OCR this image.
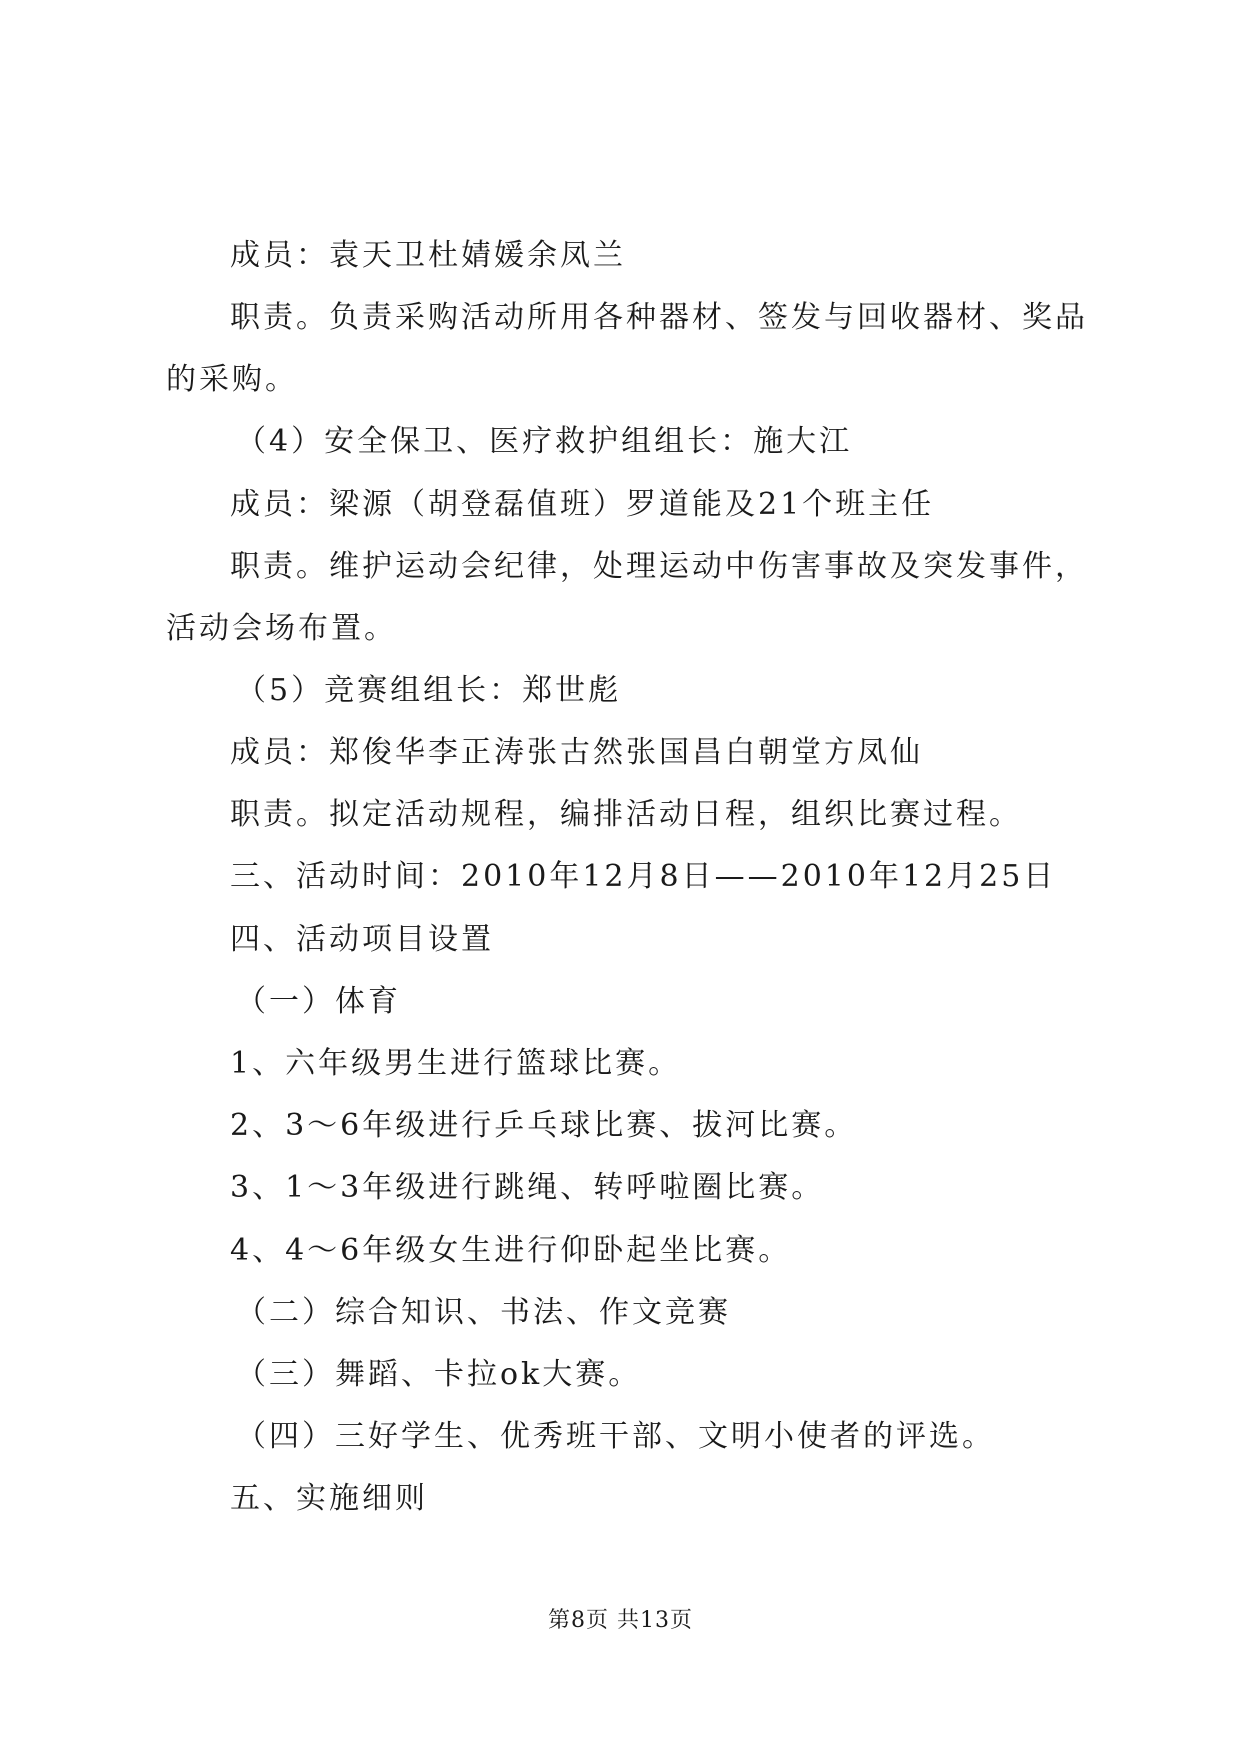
成员：袁天卫杜婧媛余凤兰
职责。负责采购活动所用各种器材、签发与回收器材、奖品
的采购。
（4）安全保卫、医疗救护组组长：施大江
成员：梁源（胡登磊值班）罗道能及21个班主任
职责。维护运动会纪律，处理运动中伤害事故及突发事件，
活动会场布置。
（5）竞赛组组长：郑世彪
成员：郑俊华李正涛张古然张国昌白朝堂方凤仙
职责。拟定活动规程，编排活动日程，组织比赛过程。
三、活动时间：2010年12月8日——2010年12月25日
四、活动项目设置
（一）体育
1、六年级男生进行篮球比赛。
2、3～6年级进行乒乓球比赛、拔河比赛。
3、1～3年级进行跳绳、转呼啦圈比赛。
4、4～6年级女生进行仰卧起坐比赛。
（二）综合知识、书法、作文竞赛
（三）舞蹈、卡拉ok大赛。
（四）三好学生、优秀班干部、文明小使者的评选。
五、实施细则
第8页 共13页
